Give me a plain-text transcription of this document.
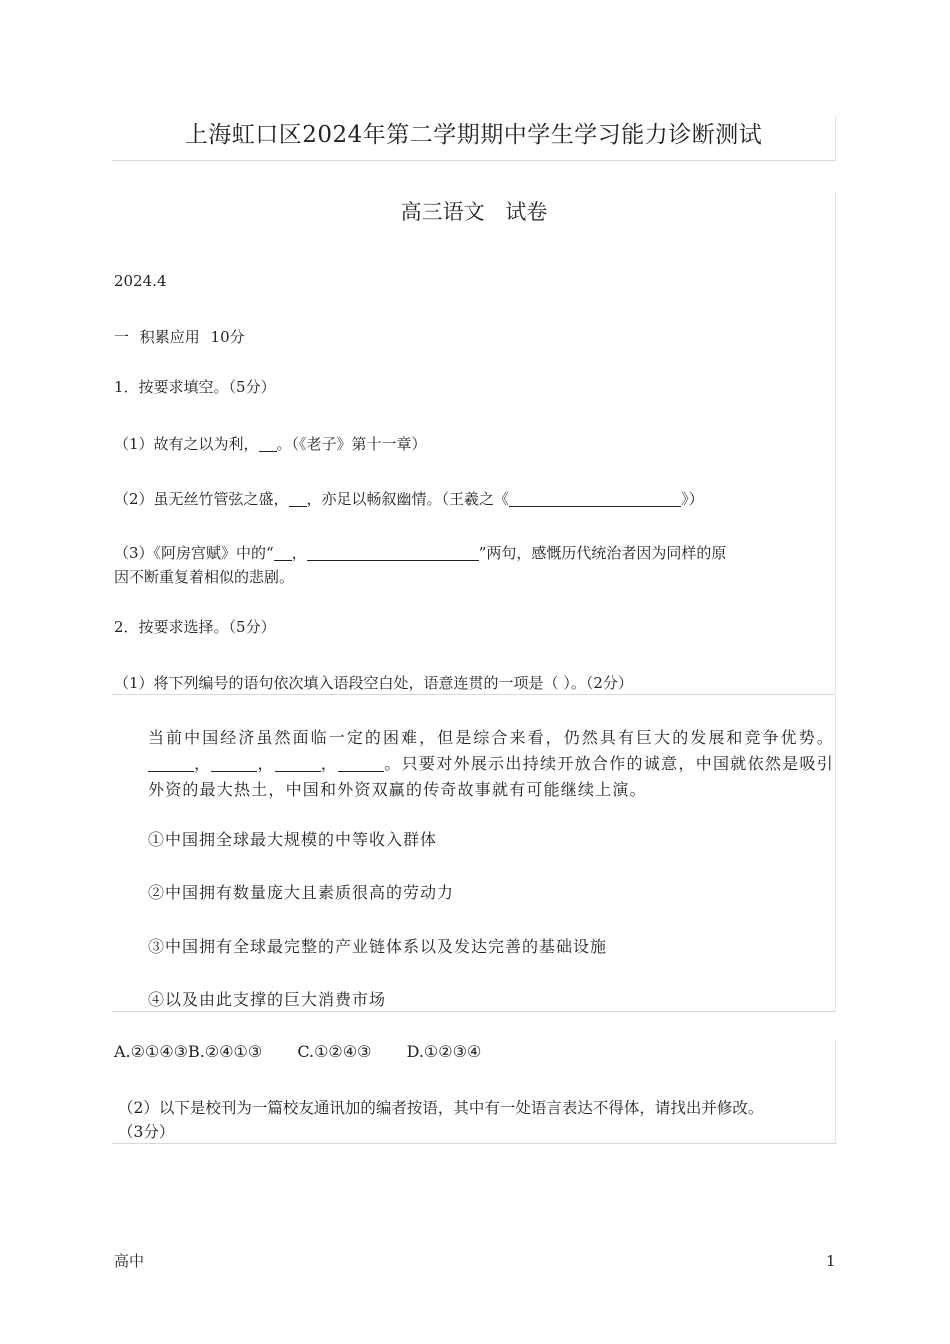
上海虹口区2024年第二学期期中学生学习能力诊断测试
高三语文 试卷
2024.4
一 积累应用 10分
1．按要求填空。（5分）
（1）故有之以为利， 。（《老子》第十一章）
（2）虽无丝竹管弦之盛， ，亦足以畅叙幽情。（王羲之《	》）
（3）《阿房宫赋》中的“ ，	”两句，感慨历代统治者因为同样的原
因不断重复着相似的悲剧。
2．按要求选择。（5分）
（1）将下列编号的语句依次填入语段空白处，语意连贯的一项是（ ）。（2分）
当前中国经济虽然面临一定的困难，但是综合来看，仍然具有巨大的发展和竞争优势。，	，	，	。只要对外展示出持续开放合作的诚意，中国就依然是吸引外资的最大热土，中国和外资双赢的传奇故事就有可能继续上演。
①中国拥全球最大规模的中等收入群体
②中国拥有数量庞大且素质很高的劳动力
③中国拥有全球最完整的产业链体系以及发达完善的基础设施
④以及由此支撑的巨大消费市场
A.②①④③B.②④①③ C.①②④③ D.①②③④
（2）以下是校刊为一篇校友通讯加的编者按语，其中有一处语言表达不得体，请找出并修改。
（3分）
高中	1
